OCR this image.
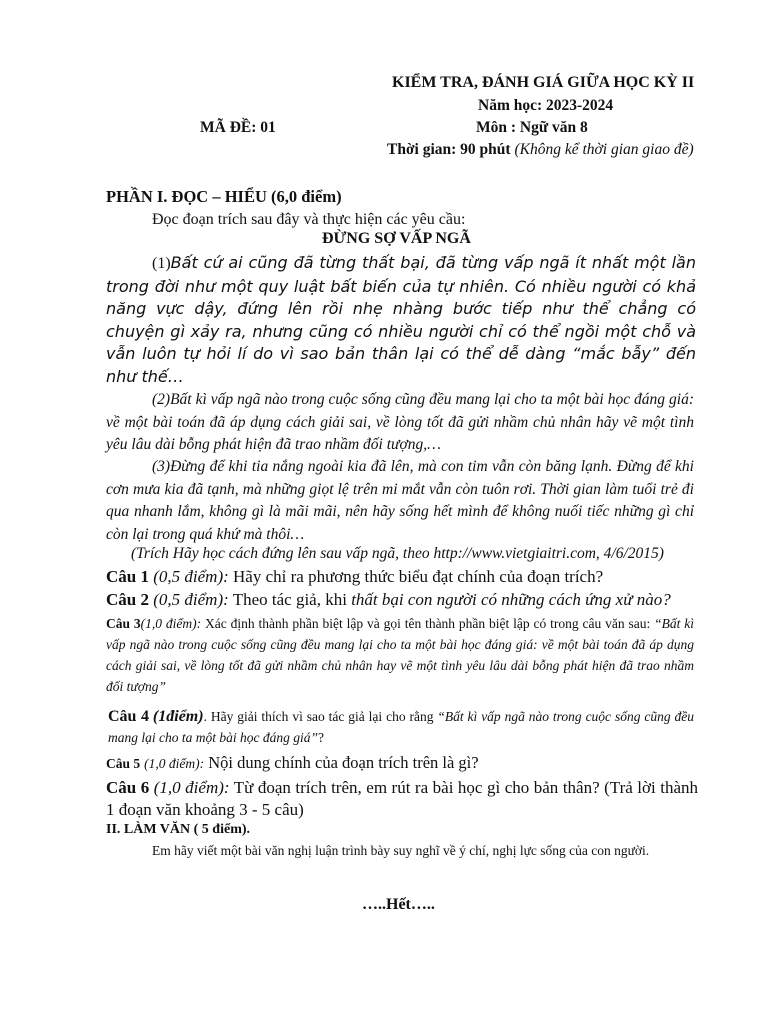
KIỂM TRA, ĐÁNH GIÁ GIỮA HỌC KỲ II
Năm học: 2023-2024
MÃ ĐỀ: 01	Môn : Ngữ văn 8
Thời gian: 90 phút (Không kể thời gian giao đề)
PHẦN I. ĐỌC – HIỂU (6,0 điểm)
Đọc đoạn trích sau đây và thực hiện các yêu cầu:
ĐỪNG SỢ VẤP NGÃ
(1)Bất cứ ai cũng đã từng thất bại, đã từng vấp ngã ít nhất một lần trong đời như một quy luật bất biến của tự nhiên. Có nhiều người có khả năng vực dậy, đứng lên rồi nhẹ nhàng bước tiếp như thể chẳng có chuyện gì xảy ra, nhưng cũng có nhiều người chỉ có thể ngồi một chỗ và vẫn luôn tự hỏi lí do vì sao bản thân lại có thể dễ dàng “mắc bẫy” đến như thế…
(2)Bất kì vấp ngã nào trong cuộc sống cũng đều mang lại cho ta một bài học đáng giá: về một bài toán đã áp dụng cách giải sai, về lòng tốt đã gửi nhầm chủ nhân hãy vẽ một tình yêu lâu dài bỗng phát hiện đã trao nhầm đối tượng,…
(3)Đừng để khi tia nắng ngoài kia đã lên, mà con tim vẫn còn băng lạnh. Đừng để khi cơn mưa kia đã tạnh, mà những giọt lệ trên mi mắt vẫn còn tuôn rơi. Thời gian làm tuổi trẻ đi qua nhanh lắm, không gì là mãi mãi, nên hãy sống hết mình để không nuối tiếc những gì chỉ còn lại trong quá khứ mà thôi…
(Trích Hãy học cách đứng lên sau vấp ngã, theo http://www.vietgiaitri.com, 4/6/2015)
Câu 1 (0,5 điểm): Hãy chỉ ra phương thức biểu đạt chính của đoạn trích?
Câu 2 (0,5 điểm): Theo tác giả, khi thất bại con người có những cách ứng xử nào?
Câu 3(1,0 điểm): Xác định thành phần biệt lập và gọi tên thành phần biệt lập có trong câu văn sau: “Bất kì vấp ngã nào trong cuộc sống cũng đều mang lại cho ta một bài học đáng giá: về một bài toán đã áp dụng cách giải sai, về lòng tốt đã gửi nhầm chủ nhân hay vẽ một tình yêu lâu dài bỗng phát hiện đã trao nhầm đối tượng”
Câu 4 (1điểm). Hãy giải thích vì sao tác giả lại cho rằng “Bất kì vấp ngã nào trong cuộc sống cũng đều mang lại cho ta một bài học đáng giá”?
Câu 5 (1,0 điểm): Nội dung chính của đoạn trích trên là gì?
Câu 6 (1,0 điểm): Từ đoạn trích trên, em rút ra bài học gì cho bản thân? (Trả lời thành 1 đoạn văn khoảng 3 - 5 câu)
II. LÀM VĂN ( 5 điểm).
Em hãy viết một bài văn nghị luận trình bày suy nghĩ về ý chí, nghị lực sống của con người.
…..Hết…..
